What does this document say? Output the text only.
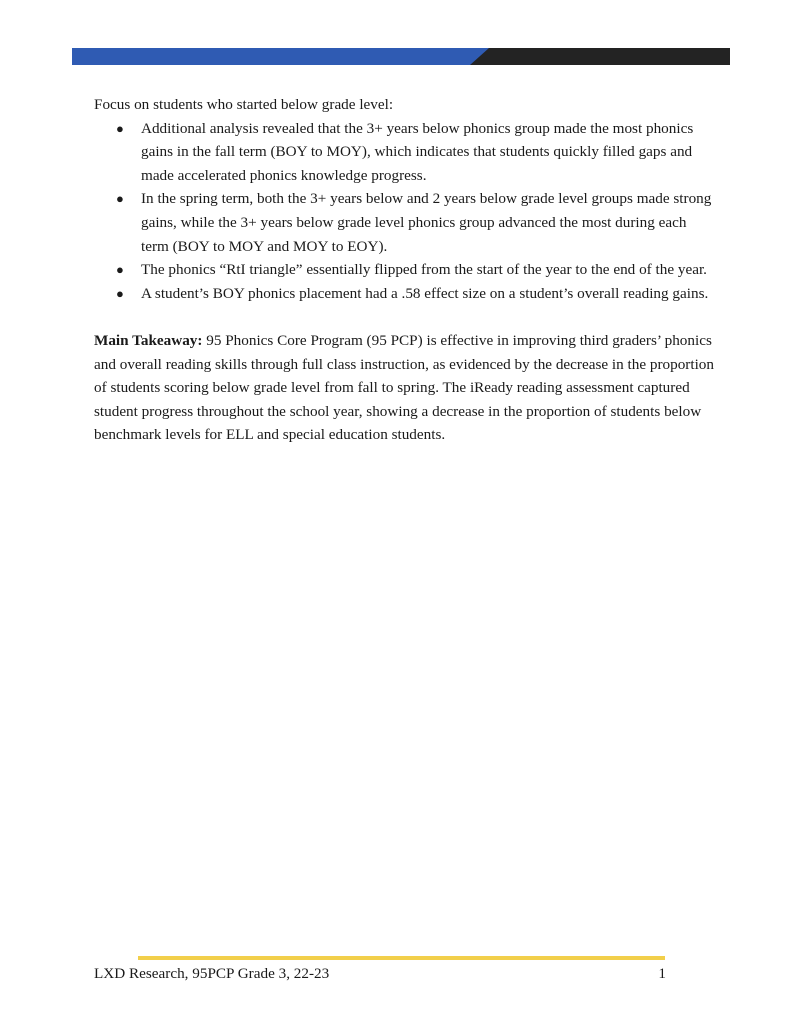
Focus on students who started below grade level:

● Additional analysis revealed that the 3+ years below phonics group made the most phonics gains in the fall term (BOY to MOY), which indicates that students quickly filled gaps and made accelerated phonics knowledge progress.
● In the spring term, both the 3+ years below and 2 years below grade level groups made strong gains, while the 3+ years below grade level phonics group advanced the most during each term (BOY to MOY and MOY to EOY).
● The phonics “RtI triangle” essentially flipped from the start of the year to the end of the year.
● A student’s BOY phonics placement had a .58 effect size on a student’s overall reading gains.

Main Takeaway: 95 Phonics Core Program (95 PCP) is effective in improving third graders’ phonics and overall reading skills through full class instruction, as evidenced by the decrease in the proportion of students scoring below grade level from fall to spring. The iReady reading assessment captured student progress throughout the school year, showing a decrease in the proportion of students below benchmark levels for ELL and special education students.

LXD Research, 95PCP Grade 3, 22-23	1
